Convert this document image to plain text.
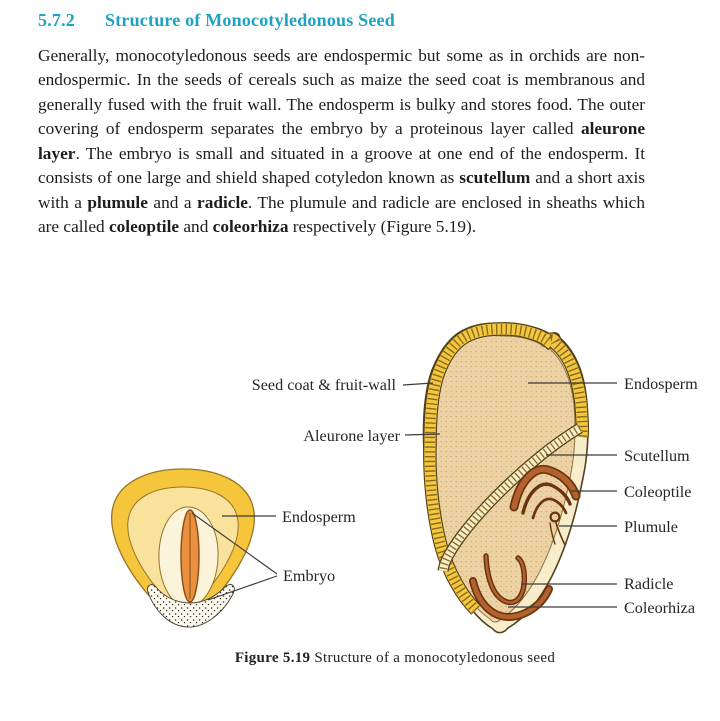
5.7.2 Structure of Monocotyledonous Seed

Generally, monocotyledonous seeds are endospermic but some as in orchids are non-endospermic. In the seeds of cereals such as maize the seed coat is membranous and generally fused with the fruit wall. The endosperm is bulky and stores food. The outer covering of endosperm separates the embryo by a proteinous layer called aleurone layer. The embryo is small and situated in a groove at one end of the endosperm. It consists of one large and shield shaped cotyledon known as scutellum and a short axis with a plumule and a radicle. The plumule and radicle are enclosed in sheaths which are called coleoptile and coleorhiza respectively (Figure 5.19).

Seed coat & fruit-wall
Aleurone layer
Endosperm
Scutellum
Coleoptile
Plumule
Radicle
Coleorhiza
Endosperm
Embryo
Figure 5.19 Structure of a monocotyledonous seed
